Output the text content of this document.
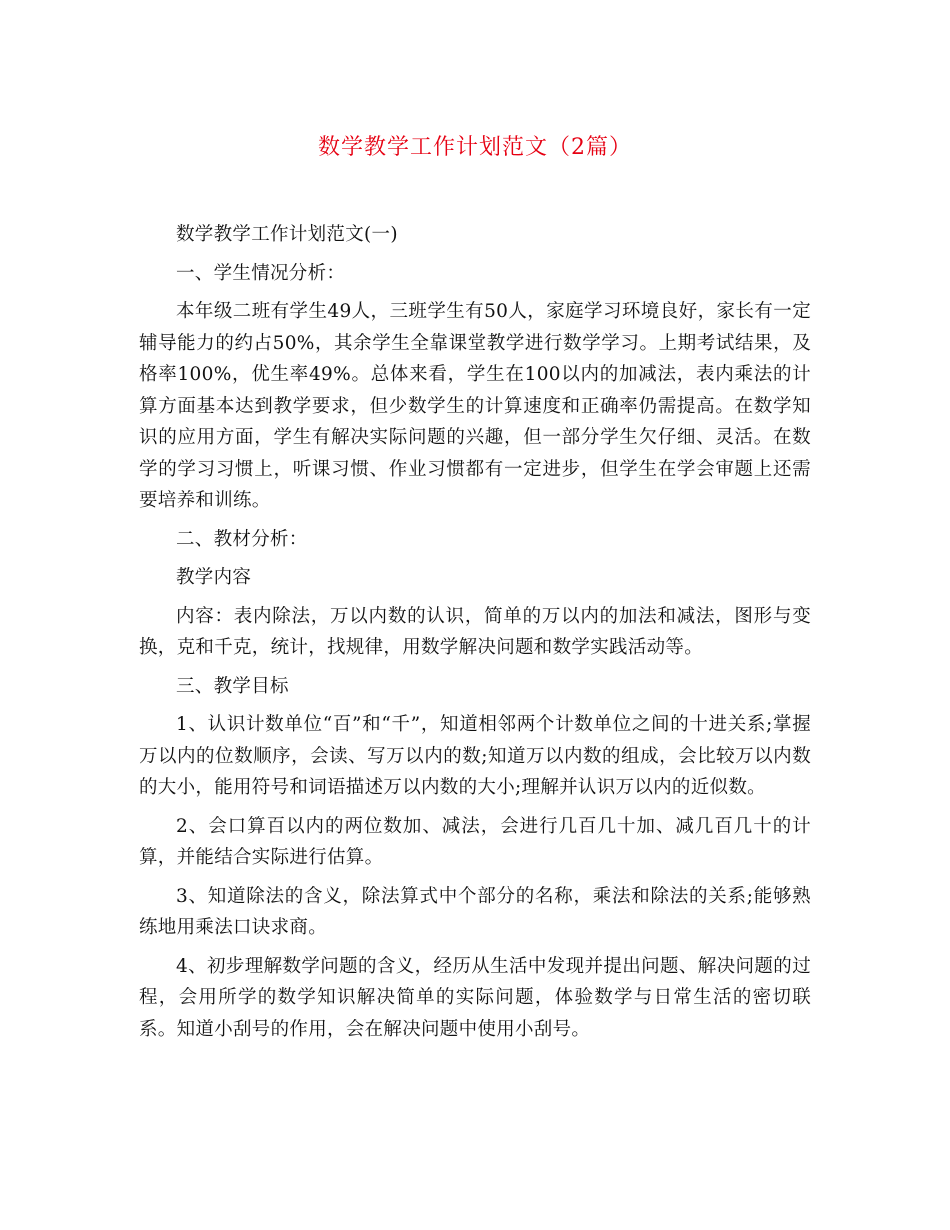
数学教学工作计划范文（2篇）

数学教学工作计划范文(一)

一、学生情况分析：

本年级二班有学生49人，三班学生有50人，家庭学习环境良好，家长有一定辅导能力的约占50%，其余学生全靠课堂教学进行数学学习。上期考试结果，及格率100%，优生率49%。总体来看，学生在100以内的加减法，表内乘法的计算方面基本达到教学要求，但少数学生的计算速度和正确率仍需提高。在数学知识的应用方面，学生有解决实际问题的兴趣，但一部分学生欠仔细、灵活。在数学的学习习惯上，听课习惯、作业习惯都有一定进步，但学生在学会审题上还需要培养和训练。

二、教材分析：

教学内容

内容：表内除法，万以内数的认识，简单的万以内的加法和减法，图形与变换，克和千克，统计，找规律，用数学解决问题和数学实践活动等。

三、教学目标

1、认识计数单位“百”和“千”，知道相邻两个计数单位之间的十进关系;掌握万以内的位数顺序，会读、写万以内的数;知道万以内数的组成，会比较万以内数的大小，能用符号和词语描述万以内数的大小;理解并认识万以内的近似数。

2、会口算百以内的两位数加、减法，会进行几百几十加、减几百几十的计算，并能结合实际进行估算。

3、知道除法的含义，除法算式中个部分的名称，乘法和除法的关系;能够熟练地用乘法口诀求商。

4、初步理解数学问题的含义，经历从生活中发现并提出问题、解决问题的过程，会用所学的数学知识解决简单的实际问题，体验数学与日常生活的密切联系。知道小刮号的作用，会在解决问题中使用小刮号。
